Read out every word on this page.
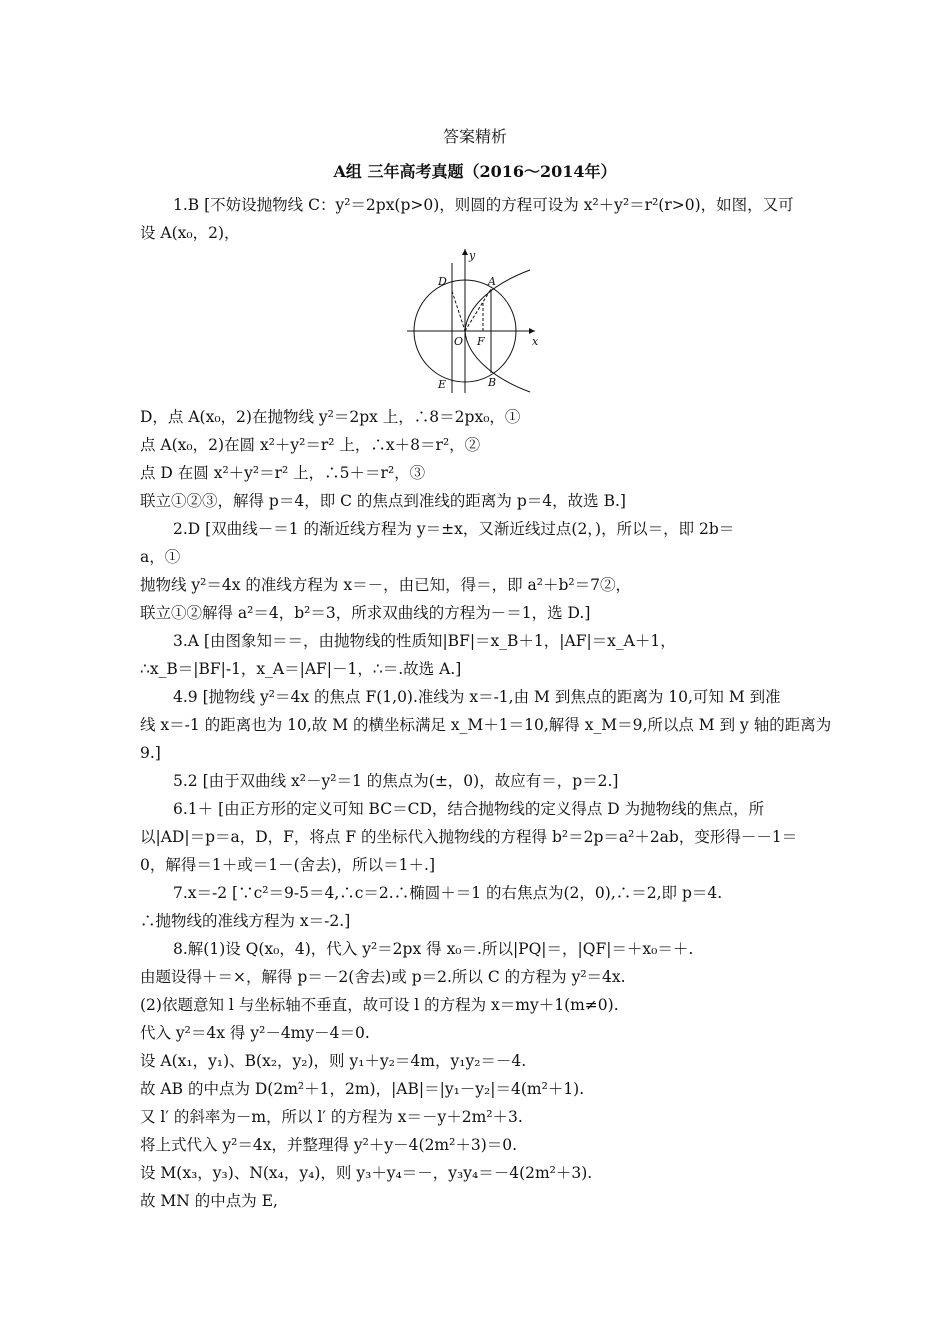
答案精析
A组 三年高考真题（2016～2014年）
1.B [不妨设抛物线 C：y²＝2px(p>0)，则圆的方程可设为 x²＋y²＝r²(r>0)，如图，又可
设 A(x₀，2)，
y
x
O F
A
B
D
E
D，点 A(x₀，2)在抛物线 y²＝2px 上，∴8＝2px₀，①
点 A(x₀，2)在圆 x²＋y²＝r² 上，∴x＋8＝r²，②
点 D 在圆 x²＋y²＝r² 上，∴5＋＝r²，③
联立①②③，解得 p＝4，即 C 的焦点到准线的距离为 p＝4，故选 B.]
2.D [双曲线－＝1 的渐近线方程为 y＝±x，又渐近线过点(2，)，所以＝，即 2b＝
a，①
抛物线 y²＝4x 的准线方程为 x＝－，由已知，得＝，即 a²＋b²＝7②，
联立①②解得 a²＝4，b²＝3，所求双曲线的方程为－＝1，选 D.]
3.A [由图象知＝＝，由抛物线的性质知|BF|＝x_B＋1，|AF|＝x_A＋1，
∴x_B＝|BF|-1，x_A＝|AF|－1，∴＝.故选 A.]
4.9 [抛物线 y²＝4x 的焦点 F(1,0).准线为 x＝-1,由 M 到焦点的距离为 10,可知 M 到准
线 x＝-1 的距离也为 10,故 M 的横坐标满足 x_M＋1＝10,解得 x_M＝9,所以点 M 到 y 轴的距离为
9.]
5.2 [由于双曲线 x²－y²＝1 的焦点为(±，0)，故应有＝，p＝2.]
6.1＋ [由正方形的定义可知 BC＝CD，结合抛物线的定义得点 D 为抛物线的焦点，所
以|AD|＝p＝a，D，F，将点 F 的坐标代入抛物线的方程得 b²＝2p＝a²＋2ab，变形得－－1＝
0，解得＝1＋或＝1－(舍去)，所以＝1＋.]
7.x＝-2 [∵c²＝9-5＝4,∴c＝2.∴椭圆＋＝1 的右焦点为(2，0),∴＝2,即 p＝4.
∴抛物线的准线方程为 x＝-2.]
8.解(1)设 Q(x₀，4)，代入 y²＝2px 得 x₀＝.所以|PQ|＝，|QF|＝＋x₀＝＋.
由题设得＋＝×，解得 p＝－2(舍去)或 p＝2.所以 C 的方程为 y²＝4x.
(2)依题意知 l 与坐标轴不垂直，故可设 l 的方程为 x＝my＋1(m≠0).
代入 y²＝4x 得 y²－4my－4＝0.
设 A(x₁，y₁)、B(x₂，y₂)，则 y₁＋y₂＝4m，y₁y₂＝－4.
故 AB 的中点为 D(2m²＋1，2m)，|AB|＝|y₁－y₂|＝4(m²＋1).
又 l′ 的斜率为－m，所以 l′ 的方程为 x＝－y＋2m²＋3.
将上式代入 y²＝4x，并整理得 y²＋y－4(2m²＋3)＝0.
设 M(x₃，y₃)、N(x₄，y₄)，则 y₃＋y₄＝－，y₃y₄＝－4(2m²＋3).
故 MN 的中点为 E,
